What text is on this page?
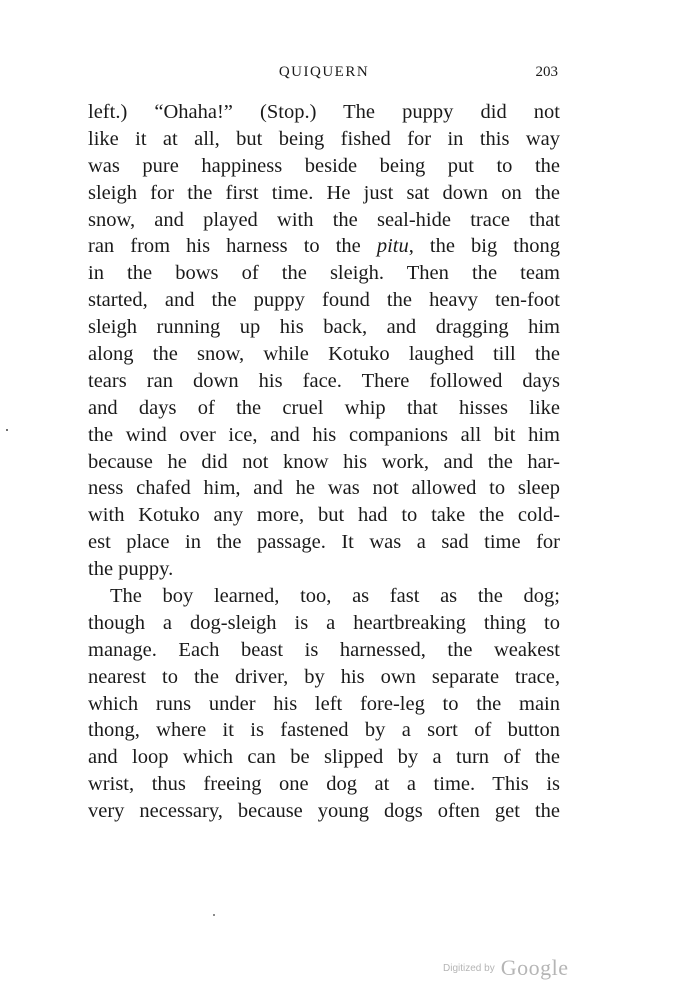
QUIQUERN	203
left.) “Ohaha!” (Stop.) The puppy did not
like it at all, but being fished for in this way
was pure happiness beside being put to the
sleigh for the first time. He just sat down on the
snow, and played with the seal-hide trace that
ran from his harness to the pitu, the big thong
in the bows of the sleigh. Then the team
started, and the puppy found the heavy ten-foot
sleigh running up his back, and dragging him
along the snow, while Kotuko laughed till the
tears ran down his face. There followed days
and days of the cruel whip that hisses like
the wind over ice, and his companions all bit him
because he did not know his work, and the har-
ness chafed him, and he was not allowed to sleep
with Kotuko any more, but had to take the cold-
est place in the passage. It was a sad time for
the puppy.
The boy learned, too, as fast as the dog;
though a dog-sleigh is a heartbreaking thing to
manage. Each beast is harnessed, the weakest
nearest to the driver, by his own separate trace,
which runs under his left fore-leg to the main
thong, where it is fastened by a sort of button
and loop which can be slipped by a turn of the
wrist, thus freeing one dog at a time. This is
very necessary, because young dogs often get the
$^{Digitized by}$ Google
